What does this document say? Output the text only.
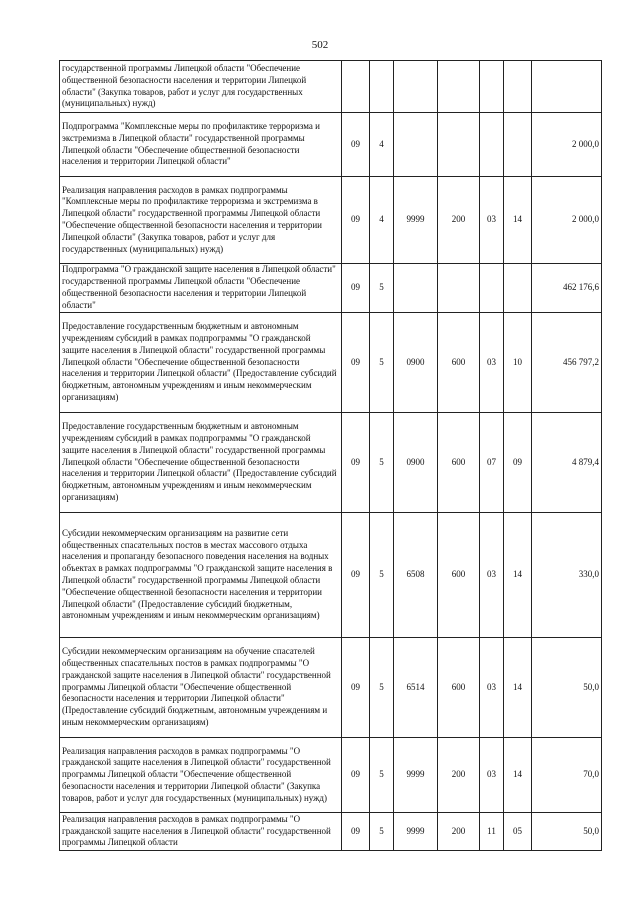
502
государственной программы Липецкой области "Обеспечение общественной безопасности населения и территории Липецкой области" (Закупка товаров, работ и услуг для государственных (муниципальных) нужд)							
Подпрограмма "Комплексные меры по профилактике терроризма и экстремизма в Липецкой области" государственной программы Липецкой области "Обеспечение общественной безопасности населения и территории Липецкой области"	09	4					2 000,0
Реализация направления расходов в рамках подпрограммы "Комплексные меры по профилактике терроризма и экстремизма в Липецкой области" государственной программы Липецкой области "Обеспечение общественной безопасности населения и территории Липецкой области" (Закупка товаров, работ и услуг для государственных (муниципальных) нужд)	09	4	9999	200	03	14	2 000,0
Подпрограмма "О гражданской защите населения в Липецкой области" государственной программы Липецкой области "Обеспечение общественной безопасности населения и территории Липецкой области"	09	5					462 176,6
Предоставление государственным бюджетным и автономным учреждениям субсидий в рамках подпрограммы "О гражданской защите населения в Липецкой области" государственной программы Липецкой области "Обеспечение общественной безопасности населения и территории Липецкой области" (Предоставление субсидий бюджетным, автономным учреждениям и иным некоммерческим организациям)	09	5	0900	600	03	10	456 797,2
Предоставление государственным бюджетным и автономным учреждениям субсидий в рамках подпрограммы "О гражданской защите населения в Липецкой области" государственной программы Липецкой области "Обеспечение общественной безопасности населения и территории Липецкой области" (Предоставление субсидий бюджетным, автономным учреждениям и иным некоммерческим организациям)	09	5	0900	600	07	09	4 879,4
Субсидии некоммерческим организациям на развитие сети общественных спасательных постов в местах массового отдыха населения и пропаганду безопасного поведения населения на водных объектах в рамках подпрограммы "О гражданской защите населения в Липецкой области" государственной программы Липецкой области "Обеспечение общественной безопасности населения и территории Липецкой области" (Предоставление субсидий бюджетным, автономным учреждениям и иным некоммерческим организациям)	09	5	6508	600	03	14	330,0
Субсидии некоммерческим организациям на обучение спасателей общественных спасательных постов в рамках подпрограммы "О гражданской защите населения в Липецкой области" государственной программы Липецкой области "Обеспечение общественной безопасности населения и территории Липецкой области" (Предоставление субсидий бюджетным, автономным учреждениям и иным некоммерческим организациям)	09	5	6514	600	03	14	50,0
Реализация направления расходов в рамках подпрограммы "О гражданской защите населения в Липецкой области" государственной программы Липецкой области "Обеспечение общественной безопасности населения и территории Липецкой области" (Закупка товаров, работ и услуг для государственных (муниципальных) нужд)	09	5	9999	200	03	14	70,0
Реализация направления расходов в рамках подпрограммы "О гражданской защите населения в Липецкой области" государственной программы Липецкой области	09	5	9999	200	11	05	50,0
